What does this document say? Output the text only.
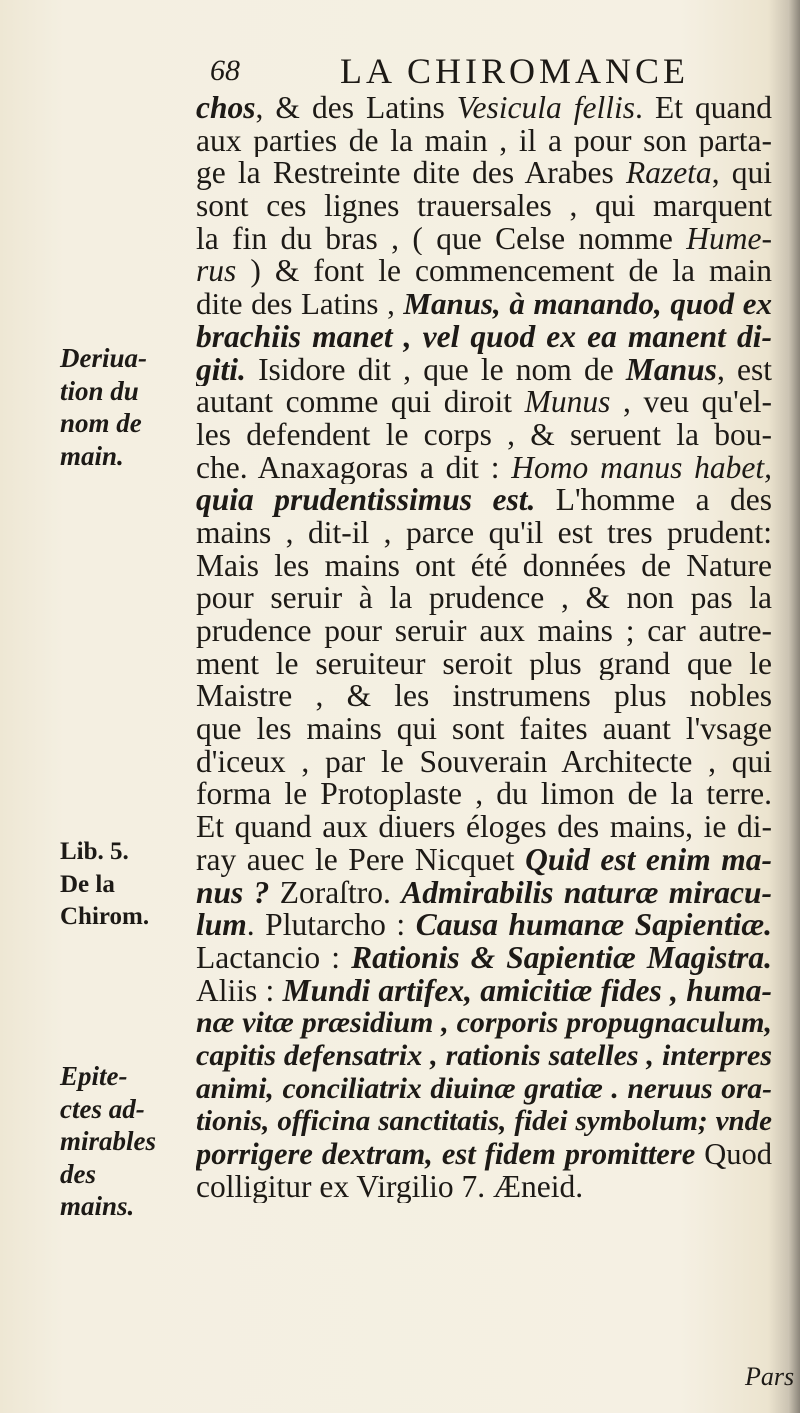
68	LA CHIROMANCE
Deriua-
tion du
nom de
main.
Lib. 5.
De la
Chirom.
Epite-
ctes ad-
mirables
des
mains.
chos, & des Latins Vesicula fellis. Et quand
aux parties de la main , il a pour son parta-
ge la Restreinte dite des Arabes Razeta, qui
sont ces lignes trauersales , qui marquent
la fin du bras , ( que Celse nomme Hume-
rus ) & font le commencement de la main
dite des Latins , Manus, à manando, quod ex
brachiis manet , vel quod ex ea manent di-
giti. Isidore dit , que le nom de Manus, est
autant comme qui diroit Munus , veu qu'el-
les defendent le corps , & seruent la bou-
che. Anaxagoras a dit : Homo manus habet,
quia prudentissimus est. L'homme a des
mains , dit-il , parce qu'il est tres prudent:
Mais les mains ont été données de Nature
pour seruir à la prudence , & non pas la
prudence pour seruir aux mains ; car autre-
ment le seruiteur seroit plus grand que le
Maistre , & les instrumens plus nobles
que les mains qui sont faites auant l'vsage
d'iceux , par le Souverain Architecte , qui
forma le Protoplaste , du limon de la terre.
Et quand aux diuers éloges des mains, ie di-
ray auec le Pere Nicquet Quid est enim ma-
nus ? Zoraſtro. Admirabilis naturæ miracu-
lum. Plutarcho : Causa humanæ Sapientiæ.
Lactancio : Rationis & Sapientiæ Magistra.
Aliis : Mundi artifex, amicitiæ fides , huma-
næ vitæ præsidium , corporis propugnaculum,
capitis defensatrix , rationis satelles , interpres
animi, conciliatrix diuinæ gratiæ . neruus ora-
tionis, officina sanctitatis, fidei symbolum; vnde
porrigere dextram, est fidem promittere Quod
colligitur ex Virgilio 7. Æneid.
Pars
